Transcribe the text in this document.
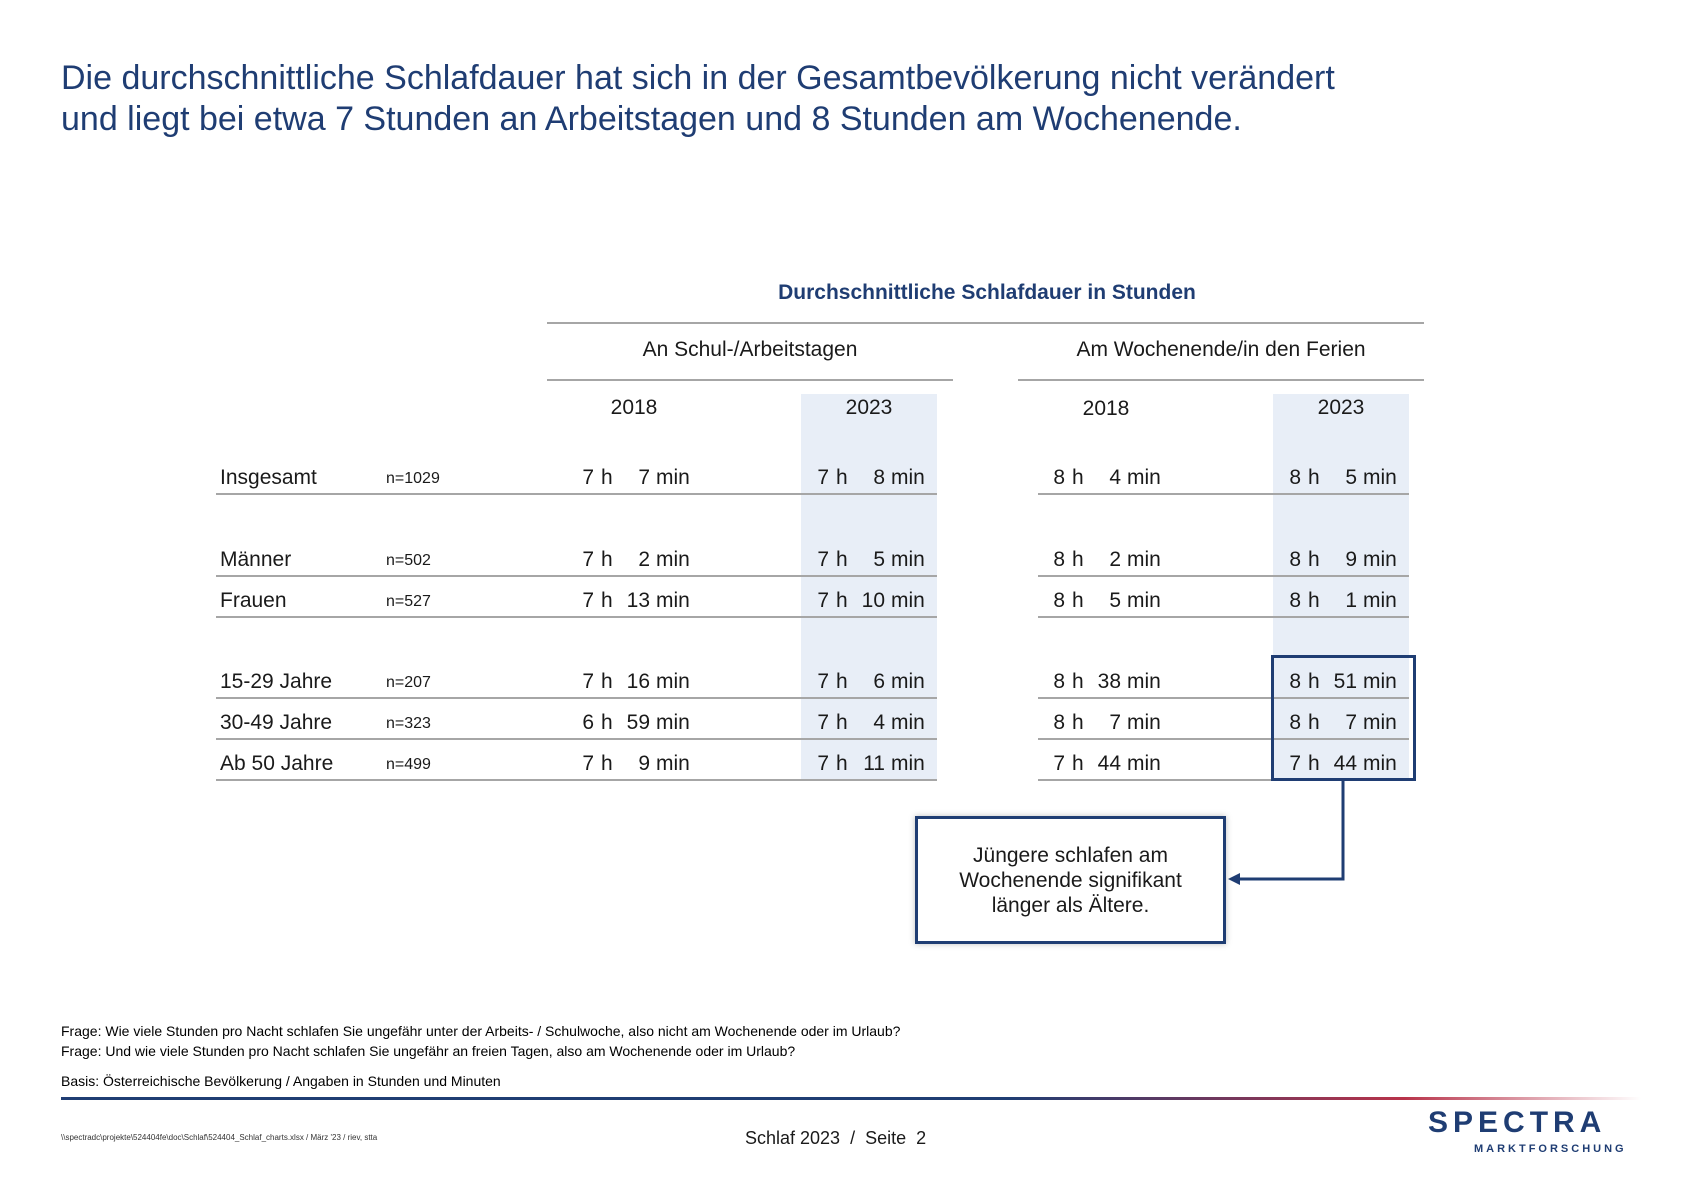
Die durchschnittliche Schlafdauer hat sich in der Gesamtbevölkerung nicht verändert und liegt bei etwa 7 Stunden an Arbeitstagen und 8 Stunden am Wochenende.
Durchschnittliche Schlafdauer in Stunden
An Schul-/Arbeitstagen	Am Wochenende/in den Ferien
2018	2023	2018	2023
Insgesamt	n=1029	7 h 7 min	7 h 8 min	8 h 4 min	8 h 5 min
Männer	n=502	7 h 2 min	7 h 5 min	8 h 2 min	8 h 9 min
Frauen	n=527	7 h 13 min	7 h 10 min	8 h 5 min	8 h 1 min
15-29 Jahre	n=207	7 h 16 min	7 h 6 min	8 h 38 min	8 h 51 min
30-49 Jahre	n=323	6 h 59 min	7 h 4 min	8 h 7 min	8 h 7 min
Ab 50 Jahre	n=499	7 h 9 min	7 h 11 min	7 h 44 min	7 h 44 min
Jüngere schlafen am Wochenende signifikant länger als Ältere.
Frage: Wie viele Stunden pro Nacht schlafen Sie ungefähr unter der Arbeits- / Schulwoche, also nicht am Wochenende oder im Urlaub?
Frage: Und wie viele Stunden pro Nacht schlafen Sie ungefähr an freien Tagen, also am Wochenende oder im Urlaub?
Basis: Österreichische Bevölkerung / Angaben in Stunden und Minuten
\\spectradc\projekte\524404fe\doc\Schlaf\524404_Schlaf_charts.xlsx / März '23 / riev, stta	Schlaf 2023  /  Seite  2	SPECTRA
MARKTFORSCHUNG
